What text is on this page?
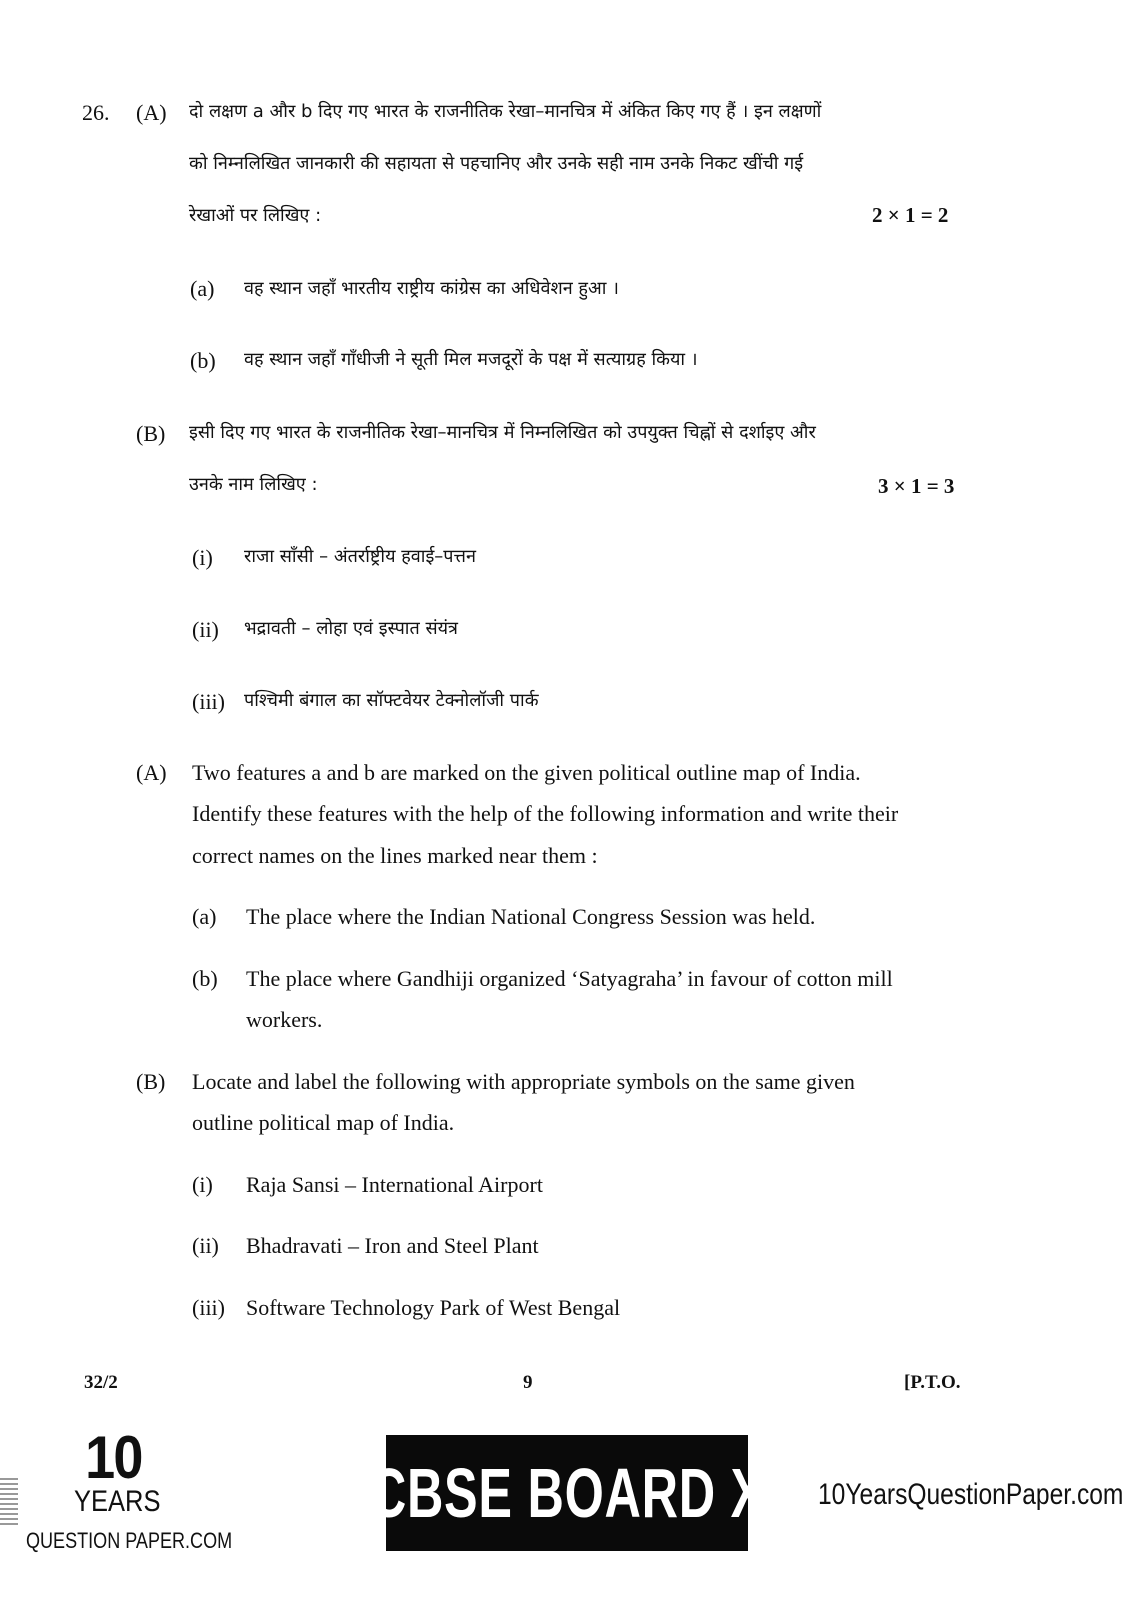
26. (A) दो लक्षण a और b दिए गए भारत के राजनीतिक रेखा–मानचित्र में अंकित किए गए हैं । इन लक्षणों
को निम्नलिखित जानकारी की सहायता से पहचानिए और उनके सही नाम उनके निकट खींची गई
रेखाओं पर लिखिए :	2 × 1 = 2
(a) वह स्थान जहाँ भारतीय राष्ट्रीय कांग्रेस का अधिवेशन हुआ ।
(b) वह स्थान जहाँ गाँधीजी ने सूती मिल मजदूरों के पक्ष में सत्याग्रह किया ।
(B) इसी दिए गए भारत के राजनीतिक रेखा–मानचित्र में निम्नलिखित को उपयुक्त चिह्नों से दर्शाइए और
उनके नाम लिखिए :	3 × 1 = 3
(i) राजा साँसी – अंतर्राष्ट्रीय हवाई–पत्तन
(ii) भद्रावती – लोहा एवं इस्पात संयंत्र
(iii) पश्चिमी बंगाल का सॉफ्टवेयर टेक्नोलॉजी पार्क
(A) Two features a and b are marked on the given political outline map of India.
Identify these features with the help of the following information and write their
correct names on the lines marked near them :
(a) The place where the Indian National Congress Session was held.
(b) The place where Gandhiji organized ‘Satyagraha’ in favour of cotton mill
workers.
(B) Locate and label the following with appropriate symbols on the same given
outline political map of India.
(i) Raja Sansi – International Airport
(ii) Bhadravati – Iron and Steel Plant
(iii) Software Technology Park of West Bengal
32/2	9	[P.T.O.
10
YEARS
QUESTION PAPER.COM
CBSE BOARD X 10YearsQuestionPaper.com
